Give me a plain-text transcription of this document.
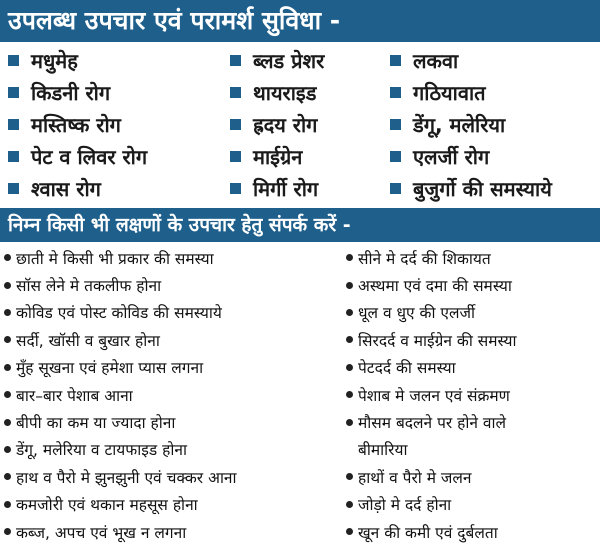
उपलब्ध उपचार एवं परामर्श सुविधा -
मधुमेह	ब्लड प्रेशर	लकवा
किडनी रोग	थायराइड	गठियावात
मस्तिष्क रोग	ह्रदय रोग	डेंगू, मलेरिया
पेट व लिवर रोग	माईग्रेन	एलर्जी रोग
श्वास रोग	मिर्गी रोग	बुजुर्गो की समस्याये
निम्न किसी भी लक्षणों के उपचार हेतु संपर्क करें -
छाती मे किसी भी प्रकार की समस्या
सॉस लेने मे तकलीफ होना
कोविड एवं पोस्ट कोविड की समस्याये
सर्दी, खॉसी व बुखार होना
मुँह सूखना एवं हमेशा प्यास लगना
बार–बार पेशाब आना
बीपी का कम या ज्यादा होना
डेंगू, मलेरिया व टायफाइड होना
हाथ व पैरो मे झुनझुनी एवं चक्कर आना
कमजोरी एवं थकान महसूस होना
कब्ज, अपच एवं भूख न लगना
सीने मे दर्द की शिकायत
अस्थमा एवं दमा की समस्या
धूल व धुए की एलर्जी
सिरदर्द व माईग्रेन की समस्या
पेटदर्द की समस्या
पेशाब मे जलन एवं संक्रमण
मौसम बदलने पर होने वाले
बीमारिया
हाथों व पैरो मे जलन
जोड़ो मे दर्द होना
खून की कमी एवं दुर्बलता
